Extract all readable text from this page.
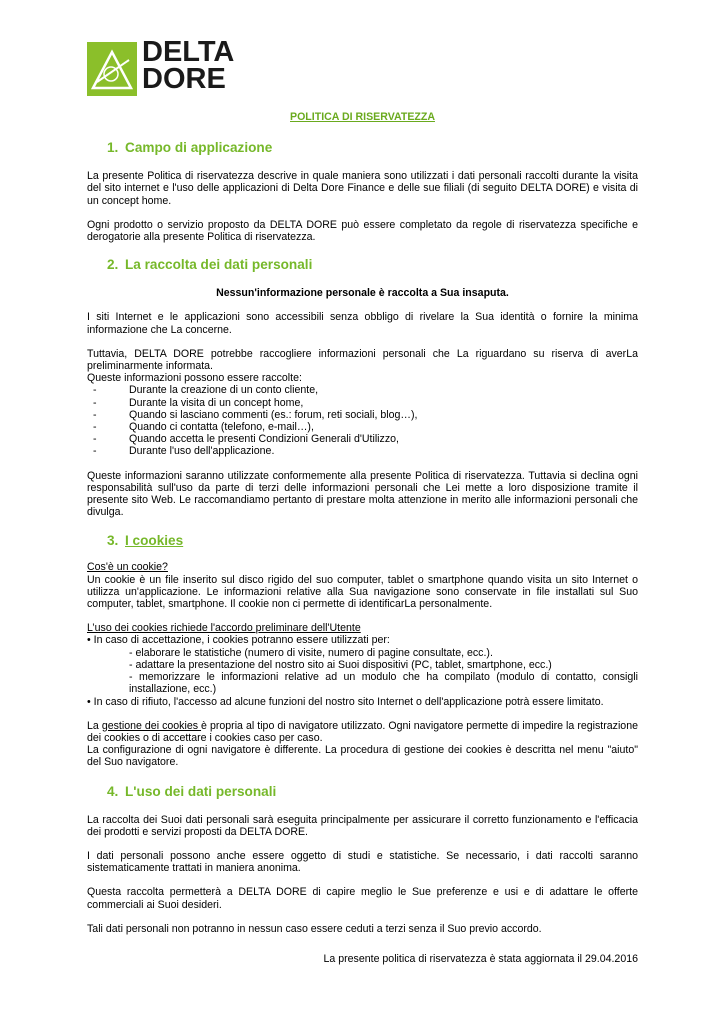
DELTA
DORE
POLITICA DI RISERVATEZZA
1. Campo di applicazione

La presente Politica di riservatezza descrive in quale maniera sono utilizzati i dati personali raccolti durante la visita del sito internet e l'uso delle applicazioni di Delta Dore Finance e delle sue filiali (di seguito DELTA DORE) e visita di un concept home.

Ogni prodotto o servizio proposto da DELTA DORE può essere completato da regole di riservatezza specifiche e derogatorie alla presente Politica di riservatezza.

2. La raccolta dei dati personali

Nessun'informazione personale è raccolta a Sua insaputa.

I siti Internet e le applicazioni sono accessibili senza obbligo di rivelare la Sua identità o fornire la minima informazione che La concerne.

Tuttavia, DELTA DORE potrebbe raccogliere informazioni personali che La riguardano su riserva di averLa preliminarmente informata.

Queste informazioni possono essere raccolte:

-	Durante la creazione di un conto cliente,
-	Durante la visita di un concept home,
-	Quando si lasciano commenti (es.: forum, reti sociali, blog…),
-	Quando ci contatta (telefono, e-mail…),
-	Quando accetta le presenti Condizioni Generali d'Utilizzo,
-	Durante l'uso dell'applicazione.

Queste informazioni saranno utilizzate conformemente alla presente Politica di riservatezza. Tuttavia si declina ogni responsabilità sull'uso da parte di terzi delle informazioni personali che Lei mette a loro disposizione tramite il presente sito Web. Le raccomandiamo pertanto di prestare molta attenzione in merito alle informazioni personali che divulga.

3. I cookies

Cos'è un cookie?

Un cookie è un file inserito sul disco rigido del suo computer, tablet o smartphone quando visita un sito Internet o utilizza un'applicazione. Le informazioni relative alla Sua navigazione sono conservate in file installati sul Suo computer, tablet, smartphone. Il cookie non ci permette di identificarLa personalmente.

L’uso dei cookies richiede l'accordo preliminare dell'Utente

• In caso di accettazione, i cookies potranno essere utilizzati per:

- elaborare le statistiche (numero di visite, numero di pagine consultate, ecc.).

- adattare la presentazione del nostro sito ai Suoi dispositivi (PC, tablet, smartphone, ecc.)

- memorizzare le informazioni relative ad un modulo che ha compilato (modulo di contatto, consigli installazione, ecc.)

• In caso di rifiuto, l'accesso ad alcune funzioni del nostro sito Internet o dell'applicazione potrà essere limitato.

La gestione dei cookies è propria al tipo di navigatore utilizzato. Ogni navigatore permette di impedire la registrazione dei cookies o di accettare i cookies caso per caso.

La configurazione di ogni navigatore è differente. La procedura di gestione dei cookies è descritta nel menu "aiuto" del Suo navigatore.

4. L'uso dei dati personali

La raccolta dei Suoi dati personali sarà eseguita principalmente per assicurare il corretto funzionamento e l'efficacia dei prodotti e servizi proposti da DELTA DORE.

I dati personali possono anche essere oggetto di studi e statistiche. Se necessario, i dati raccolti saranno sistematicamente trattati in maniera anonima.

Questa raccolta permetterà a DELTA DORE di capire meglio le Sue preferenze e usi e di adattare le offerte commerciali ai Suoi desideri.

Tali dati personali non potranno in nessun caso essere ceduti a terzi senza il Suo previo accordo.

La presente politica di riservatezza è stata aggiornata il 29.04.2016
